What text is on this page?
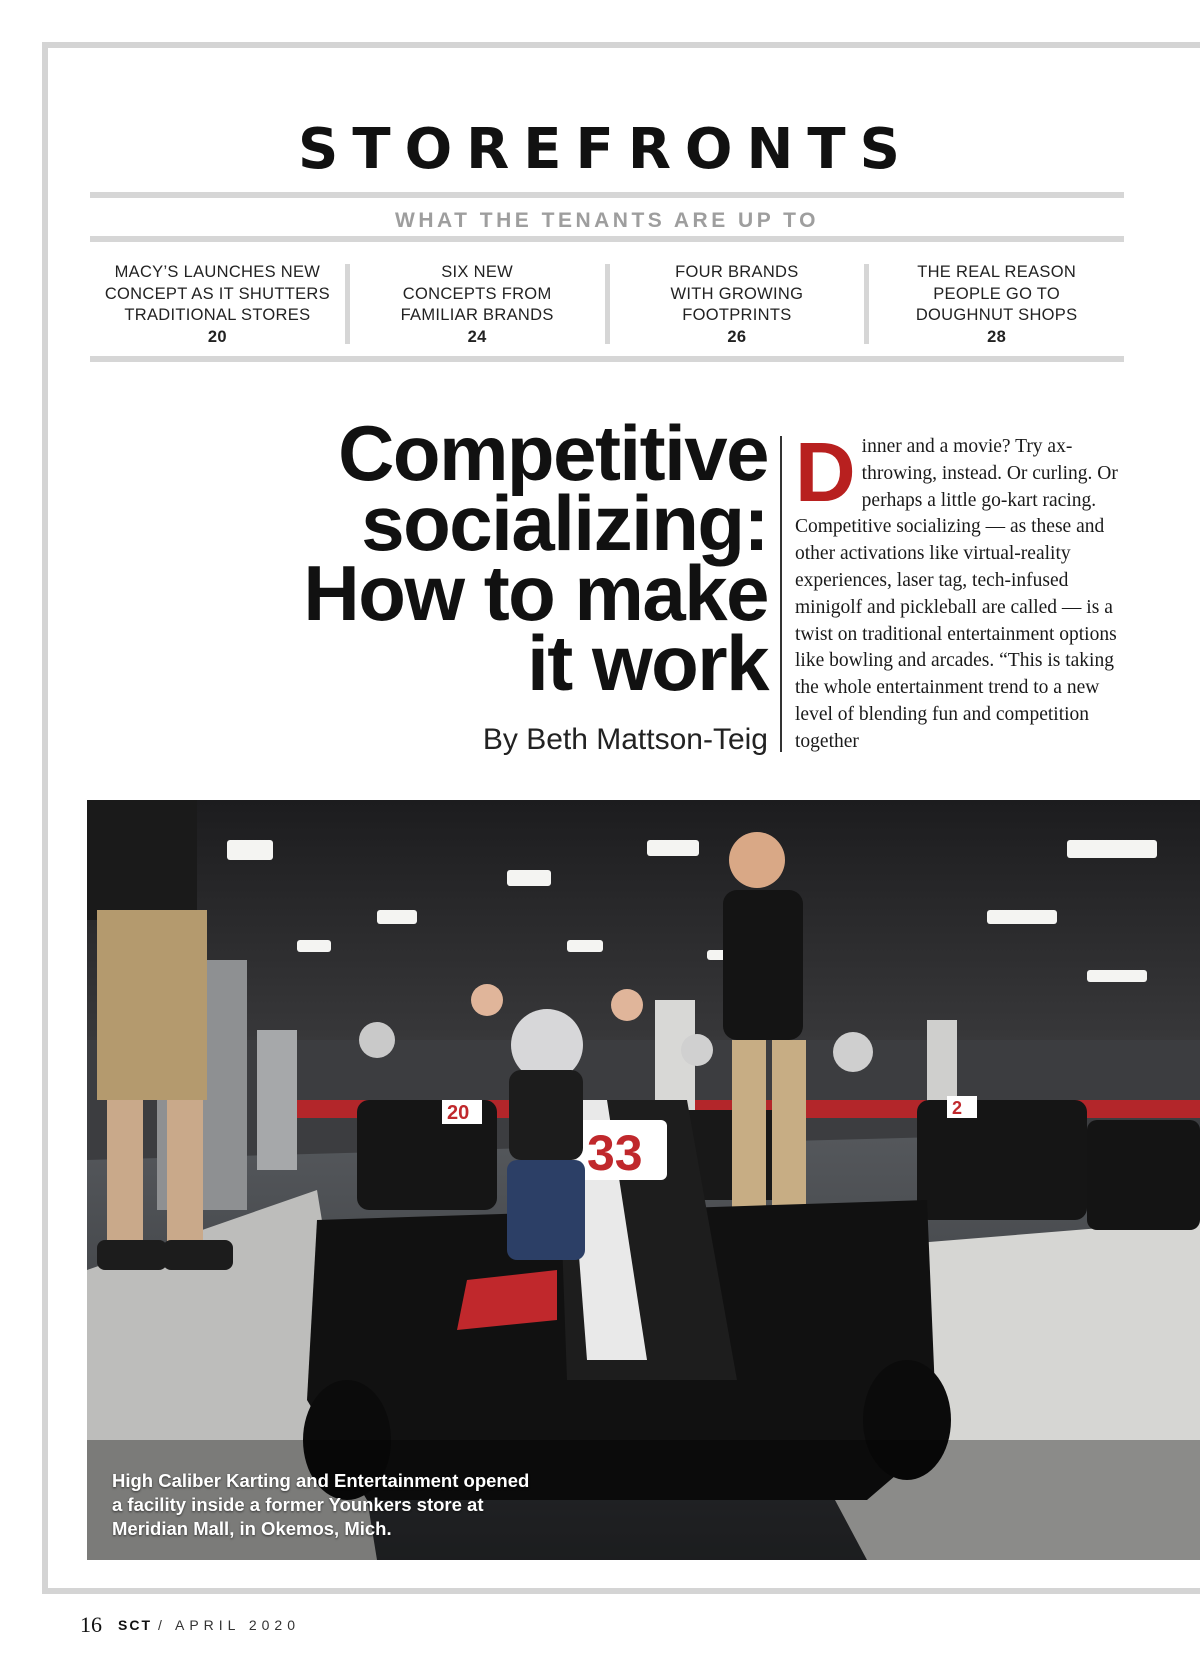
STOREFRONTS
WHAT THE TENANTS ARE UP TO
MACY’S LAUNCHES NEW
CONCEPT AS IT SHUTTERS
TRADITIONAL STORES
20
SIX NEW
CONCEPTS FROM
FAMILIAR BRANDS
24
FOUR BRANDS
WITH GROWING
FOOTPRINTS
26
THE REAL REASON
PEOPLE GO TO
DOUGHNUT SHOPS
28
Competitive
socializing:
How to make
it work
By Beth Mattson-Teig
Dinner and a movie? Try ax-throwing, instead. Or curling. Or perhaps a little go-kart racing. Competitive socializing — as these and other activations like virtual-reality experiences, laser tag, tech-infused minigolf and pickleball are called — is a twist on traditional entertainment options like bowling and arcades. “This is taking the whole entertainment trend to a new level of blending fun and competition together
20	2
33
High Caliber Karting and Entertainment opened a facility inside a former Younkers store at Meridian Mall, in Okemos, Mich.
16 SCT / APRIL 2020
